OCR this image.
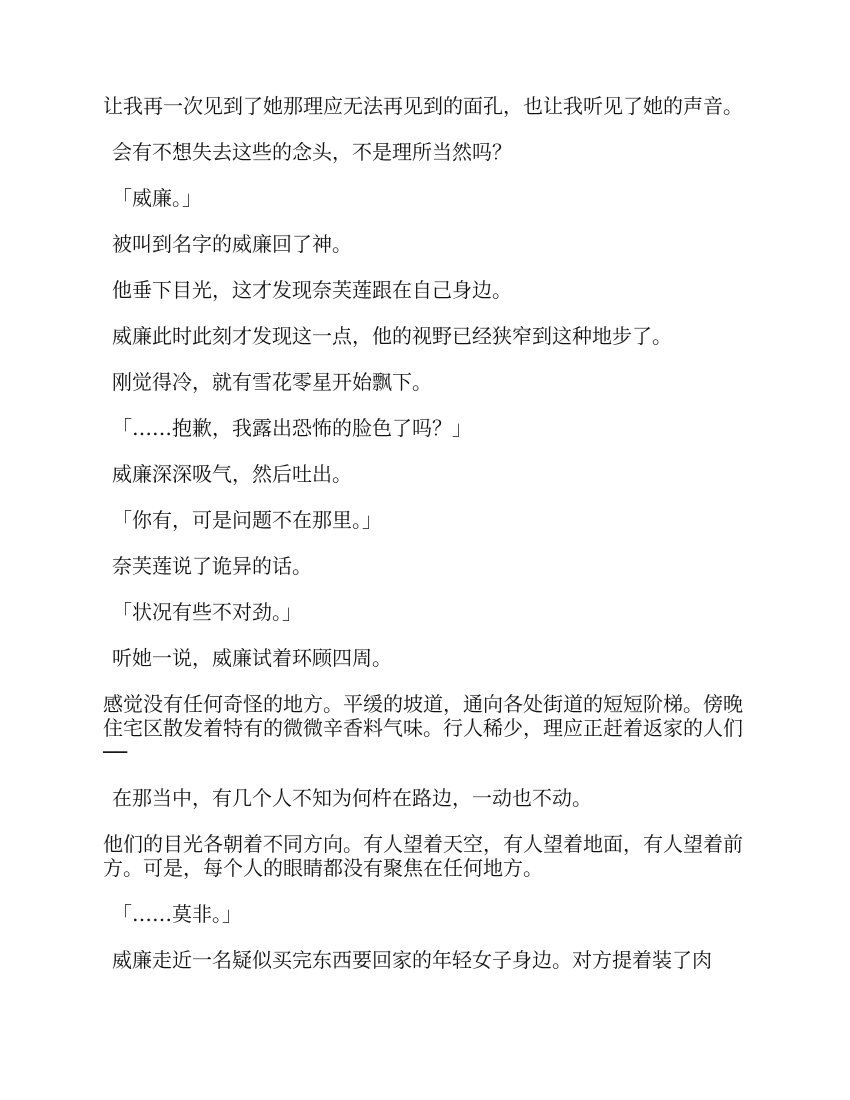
让我再一次见到了她那理应无法再见到的面孔，也让我听见了她的声音。

会有不想失去这些的念头，不是理所当然吗？

「威廉。」

被叫到名字的威廉回了神。

他垂下目光，这才发现奈芙莲跟在自己身边。

威廉此时此刻才发现这一点，他的视野已经狭窄到这种地步了。

刚觉得冷，就有雪花零星开始飘下。

「……抱歉，我露出恐怖的脸色了吗？」

威廉深深吸气，然后吐出。

「你有，可是问题不在那里。」

奈芙莲说了诡异的话。

「状况有些不对劲。」

听她一说，威廉试着环顾四周。

感觉没有任何奇怪的地方。平缓的坡道，通向各处街道的短短阶梯。傍晚住宅区散发着特有的微微辛香料气味。行人稀少，理应正赶着返家的人们──

在那当中，有几个人不知为何杵在路边，一动也不动。

他们的目光各朝着不同方向。有人望着天空，有人望着地面，有人望着前方。可是，每个人的眼睛都没有聚焦在任何地方。

「……莫非。」

威廉走近一名疑似买完东西要回家的年轻女子身边。对方提着装了肉
